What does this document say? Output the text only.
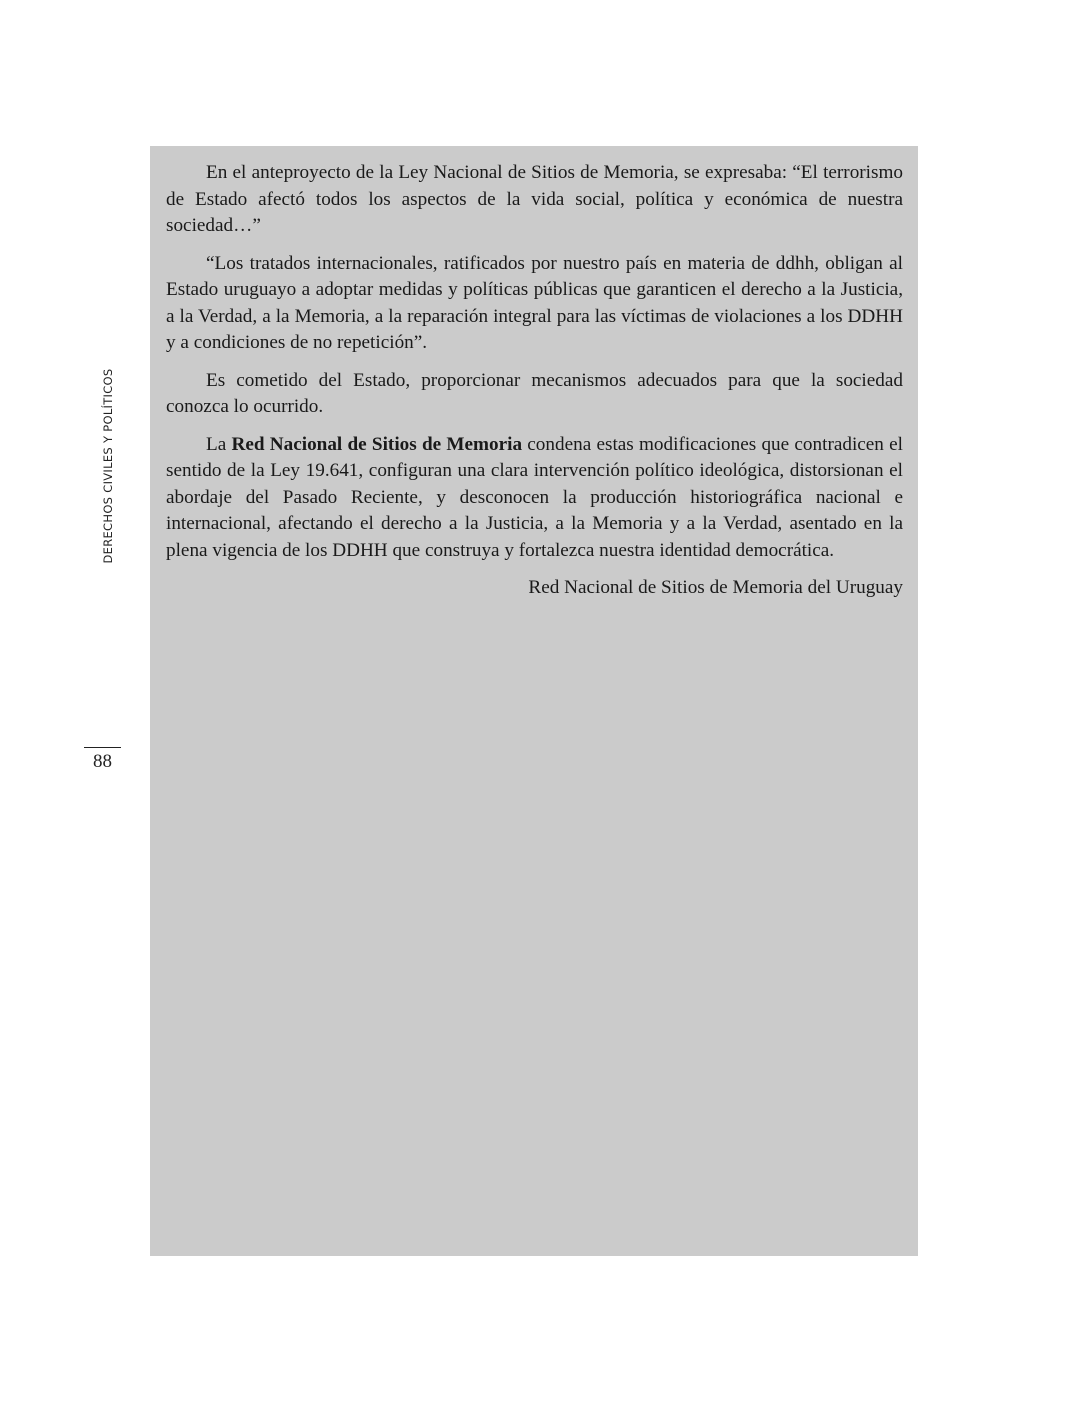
DERECHOS CIVILES Y POLÍTICOS
88

En el anteproyecto de la Ley Nacional de Sitios de Memoria, se expresaba: “El terrorismo de Estado afectó todos los aspectos de la vida social, política y económica de nuestra sociedad…”

“Los tratados internacionales, ratificados por nuestro país en materia de ddhh, obligan al Estado uruguayo a adoptar medidas y políticas públicas que garanticen el derecho a la Justicia, a la Verdad, a la Memoria, a la reparación integral para las víctimas de violaciones a los DDHH y a condiciones de no repetición”.

Es cometido del Estado, proporcionar mecanismos adecuados para que la sociedad conozca lo ocurrido.

La Red Nacional de Sitios de Memoria condena estas modificaciones que contradicen el sentido de la Ley 19.641, configuran una clara intervención político ideológica, distorsionan el abordaje del Pasado Reciente, y desconocen la producción historiográfica nacional e internacional, afectando el derecho a la Justicia, a la Memoria y a la Verdad, asentado en la plena vigencia de los DDHH que construya y fortalezca nuestra identidad democrática.

Red Nacional de Sitios de Memoria del Uruguay
